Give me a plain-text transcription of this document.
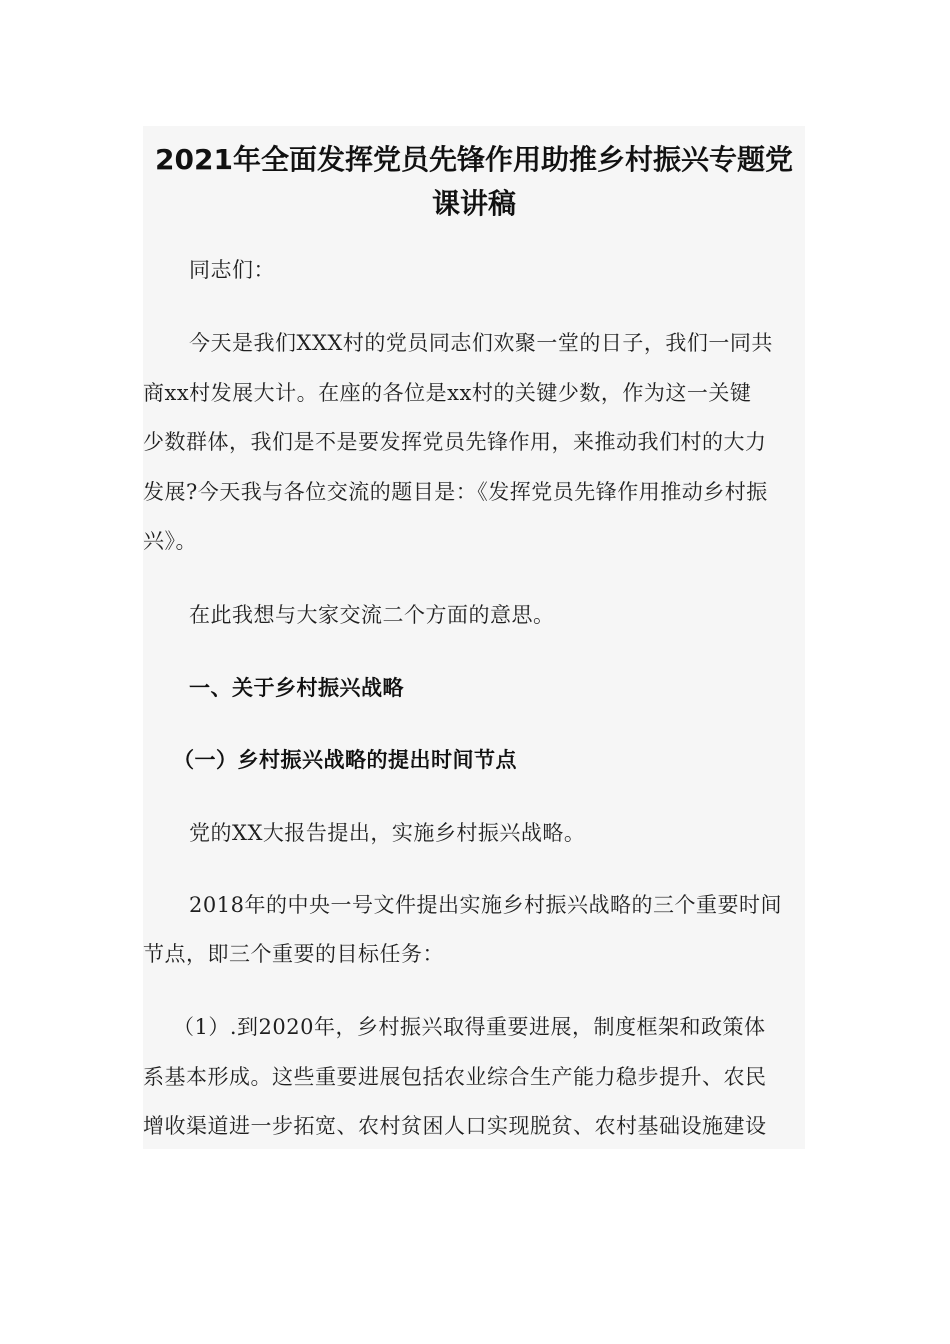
2021年全面发挥党员先锋作用助推乡村振兴专题党
课讲稿

同志们：

今天是我们XXX村的党员同志们欢聚一堂的日子，我们一同共

商xx村发展大计。在座的各位是xx村的关键少数，作为这一关键

少数群体，我们是不是要发挥党员先锋作用，来推动我们村的大力

发展?今天我与各位交流的题目是：《发挥党员先锋作用推动乡村振

兴》。

在此我想与大家交流二个方面的意思。

一、关于乡村振兴战略

（一）乡村振兴战略的提出时间节点

党的XX大报告提出，实施乡村振兴战略。

2018年的中央一号文件提出实施乡村振兴战略的三个重要时间

节点，即三个重要的目标任务：

（1）.到2020年，乡村振兴取得重要进展，制度框架和政策体

系基本形成。这些重要进展包括农业综合生产能力稳步提升、农民

增收渠道进一步拓宽、农村贫困人口实现脱贫、农村基础设施建设
